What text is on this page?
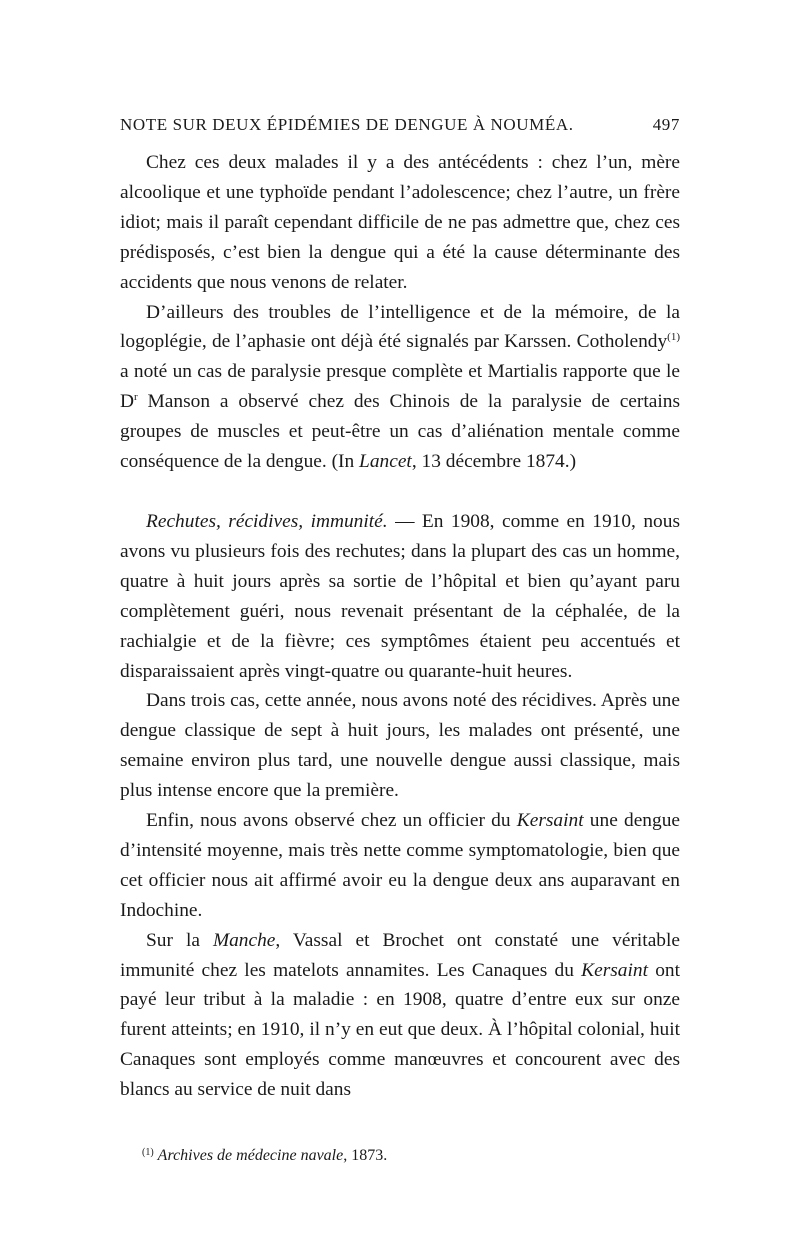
NOTE SUR DEUX ÉPIDÉMIES DE DENGUE À NOUMÉA.	497

Chez ces deux malades il y a des antécédents : chez l’un, mère alcoolique et une typhoïde pendant l’adolescence; chez l’autre, un frère idiot; mais il paraît cependant difficile de ne pas admettre que, chez ces prédisposés, c’est bien la dengue qui a été la cause déterminante des accidents que nous venons de relater.

D’ailleurs des troubles de l’intelligence et de la mémoire, de la logoplégie, de l’aphasie ont déjà été signalés par Karssen. Cotholendy$^{(1)}$ a noté un cas de paralysie presque complète et Martialis rapporte que le $D^r$ Manson a observé chez des Chinois de la paralysie de certains groupes de muscles et peut-être un cas d’aliénation mentale comme conséquence de la dengue. (In Lancet, 13 décembre 1874.)

Rechutes, récidives, immunité. — En 1908, comme en 1910, nous avons vu plusieurs fois des rechutes; dans la plupart des cas un homme, quatre à huit jours après sa sortie de l’hôpital et bien qu’ayant paru complètement guéri, nous revenait présentant de la céphalée, de la rachialgie et de la fièvre; ces symptômes étaient peu accentués et disparaissaient après vingt-quatre ou quarante-huit heures.

Dans trois cas, cette année, nous avons noté des récidives. Après une dengue classique de sept à huit jours, les malades ont présenté, une semaine environ plus tard, une nouvelle dengue aussi classique, mais plus intense encore que la première.

Enfin, nous avons observé chez un officier du Kersaint une dengue d’intensité moyenne, mais très nette comme symptomatologie, bien que cet officier nous ait affirmé avoir eu la dengue deux ans auparavant en Indochine.

Sur la Manche, Vassal et Brochet ont constaté une véritable immunité chez les matelots annamites. Les Canaques du Kersaint ont payé leur tribut à la maladie : en 1908, quatre d’entre eux sur onze furent atteints; en 1910, il n’y en eut que deux. À l’hôpital colonial, huit Canaques sont employés comme manœuvres et concourent avec des blancs au service de nuit dans

$^{(1)}$ Archives de médecine navale, 1873.
